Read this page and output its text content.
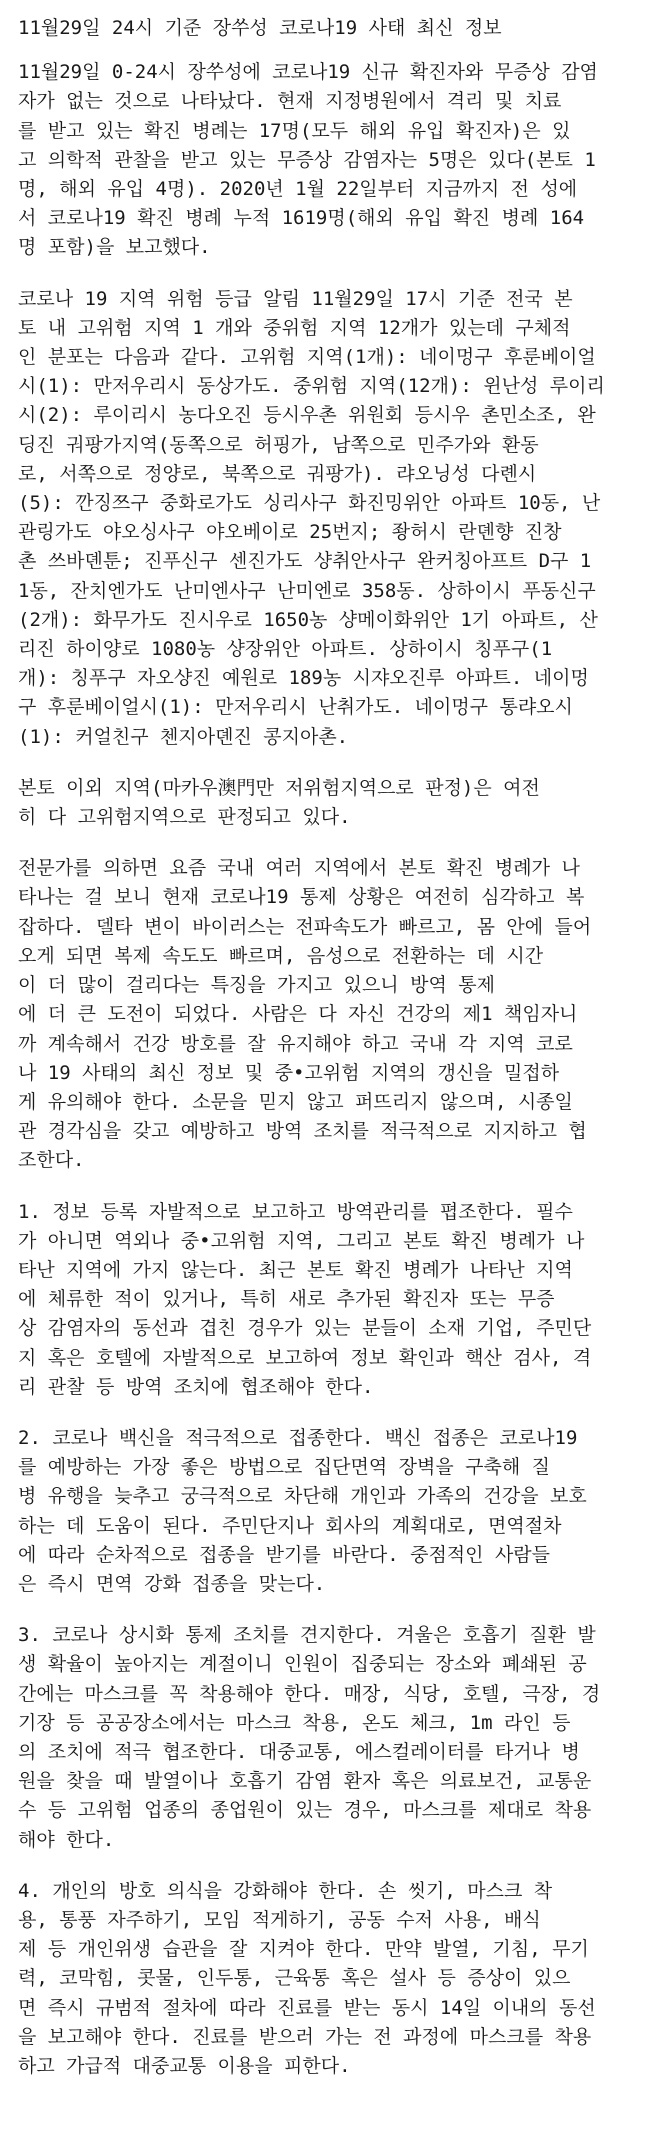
11월29일 24시 기준 장쑤성 코로나19 사태 최신 정보
11월29일 0-24시 장쑤성에 코로나19 신규 확진자와 무증상 감염
자가 없는 것으로 나타났다. 현재 지정병원에서 격리 및 치료
를 받고 있는 확진 병례는 17명(모두 해외 유입 확진자)은 있
고 의학적 관찰을 받고 있는 무증상 감염자는 5명은 있다(본토 1
명, 해외 유입 4명). 2020년 1월 22일부터 지금까지 전 성에
서 코로나19 확진 병례 누적 1619명(해외 유입 확진 병례 164
명 포함)을 보고했다.
코로나 19 지역 위험 등급 알림 11월29일 17시 기준 전국 본
토 내 고위험 지역 1 개와 중위험 지역 12개가 있는데 구체적
인 분포는 다음과 같다. 고위험 지역(1개): 네이멍구 후룬베이얼
시(1): 만저우리시 동상가도. 중위험 지역(12개): 윈난성 루이리
시(2): 루이리시 농다오진 등시우촌 위원회 등시우 촌민소조, 완
딩진 궈팡가지역(동쪽으로 허핑가, 남쪽으로 민주가와 환동
로, 서쪽으로 정양로, 북쪽으로 궈팡가). 랴오닝성 다롄시
(5): 깐징쯔구 중화로가도 싱리사구 화진밍위안 아파트 10동, 난
관링가도 야오싱사구 야오베이로 25번지; 좡허시 란뎬향 진창
촌 쓰바뎬툰; 진푸신구 센진가도 샹취안사구 완커칭아프트 D구 1
1동, 잔치엔가도 난미엔사구 난미엔로 358동. 상하이시 푸동신구
(2개): 화무가도 진시우로 1650농 샹메이화위안 1기 아파트, 산
리진 하이양로 1080농 샹장위안 아파트. 상하이시 칭푸구(1
개): 칭푸구 자오샹진 예원로 189농 시쟈오진루 아파트. 네이멍
구 후룬베이얼시(1): 만저우리시 난취가도. 네이멍구 통랴오시
(1): 커얼친구 첸지아뎬진 콩지아촌.
본토 이외 지역(마카우澳門만 저위험지역으로 판정)은 여전
히 다 고위험지역으로 판정되고 있다.
전문가를 의하면 요즘 국내 여러 지역에서 본토 확진 병례가 나
타나는 걸 보니 현재 코로나19 통제 상황은 여전히 심각하고 복
잡하다. 델타 변이 바이러스는 전파속도가 빠르고, 몸 안에 들어
오게 되면 복제 속도도 빠르며, 음성으로 전환하는 데 시간
이 더 많이 걸리다는 특징을 가지고 있으니 방역 통제
에 더 큰 도전이 되었다. 사람은 다 자신 건강의 제1 책임자니
까 계속해서 건강 방호를 잘 유지해야 하고 국내 각 지역 코로
나 19 사태의 최신 정보 및 중•고위험 지역의 갱신을 밀접하
게 유의해야 한다. 소문을 믿지 않고 퍼뜨리지 않으며, 시종일
관 경각심을 갖고 예방하고 방역 조치를 적극적으로 지지하고 협
조한다.
1. 정보 등록 자발적으로 보고하고 방역관리를 폅조한다. 필수
가 아니면 역외나 중•고위험 지역, 그리고 본토 확진 병례가 나
타난 지역에 가지 않는다. 최근 본토 확진 병례가 나타난 지역
에 체류한 적이 있거나, 특히 새로 추가된 확진자 또는 무증
상 감염자의 동선과 겹친 경우가 있는 분들이 소재 기업, 주민단
지 혹은 호텔에 자발적으로 보고하여 정보 확인과 핵산 검사, 격
리 관찰 등 방역 조치에 협조해야 한다.
2. 코로나 백신을 적극적으로 접종한다. 백신 접종은 코로나19
를 예방하는 가장 좋은 방법으로 집단면역 장벽을 구축해 질
병 유행을 늦추고 궁극적으로 차단해 개인과 가족의 건강을 보호
하는 데 도움이 된다. 주민단지나 회사의 계획대로, 면역절차
에 따라 순차적으로 접종을 받기를 바란다. 중점적인 사람들
은 즉시 면역 강화 접종을 맞는다.
3. 코로나 상시화 통제 조치를 견지한다. 겨울은 호흡기 질환 발
생 확율이 높아지는 계절이니 인원이 집중되는 장소와 폐쇄된 공
간에는 마스크를 꼭 착용해야 한다. 매장, 식당, 호텔, 극장, 경
기장 등 공공장소에서는 마스크 착용, 온도 체크, 1m 라인 등
의 조치에 적극 협조한다. 대중교통, 에스컬레이터를 타거나 병
원을 찾을 때 발열이나 호흡기 감염 환자 혹은 의료보건, 교통운
수 등 고위험 업종의 종업원이 있는 경우, 마스크를 제대로 착용
해야 한다.
4. 개인의 방호 의식을 강화해야 한다. 손 씻기, 마스크 착
용, 통풍 자주하기, 모임 적게하기, 공동 수저 사용, 배식
제 등 개인위생 습관을 잘 지켜야 한다. 만약 발열, 기침, 무기
력, 코막힘, 콧물, 인두통, 근육통 혹은 설사 등 증상이 있으
면 즉시 규범적 절차에 따라 진료를 받는 동시 14일 이내의 동선
을 보고해야 한다. 진료를 받으러 가는 전 과정에 마스크를 착용
하고 가급적 대중교통 이용을 피한다.
